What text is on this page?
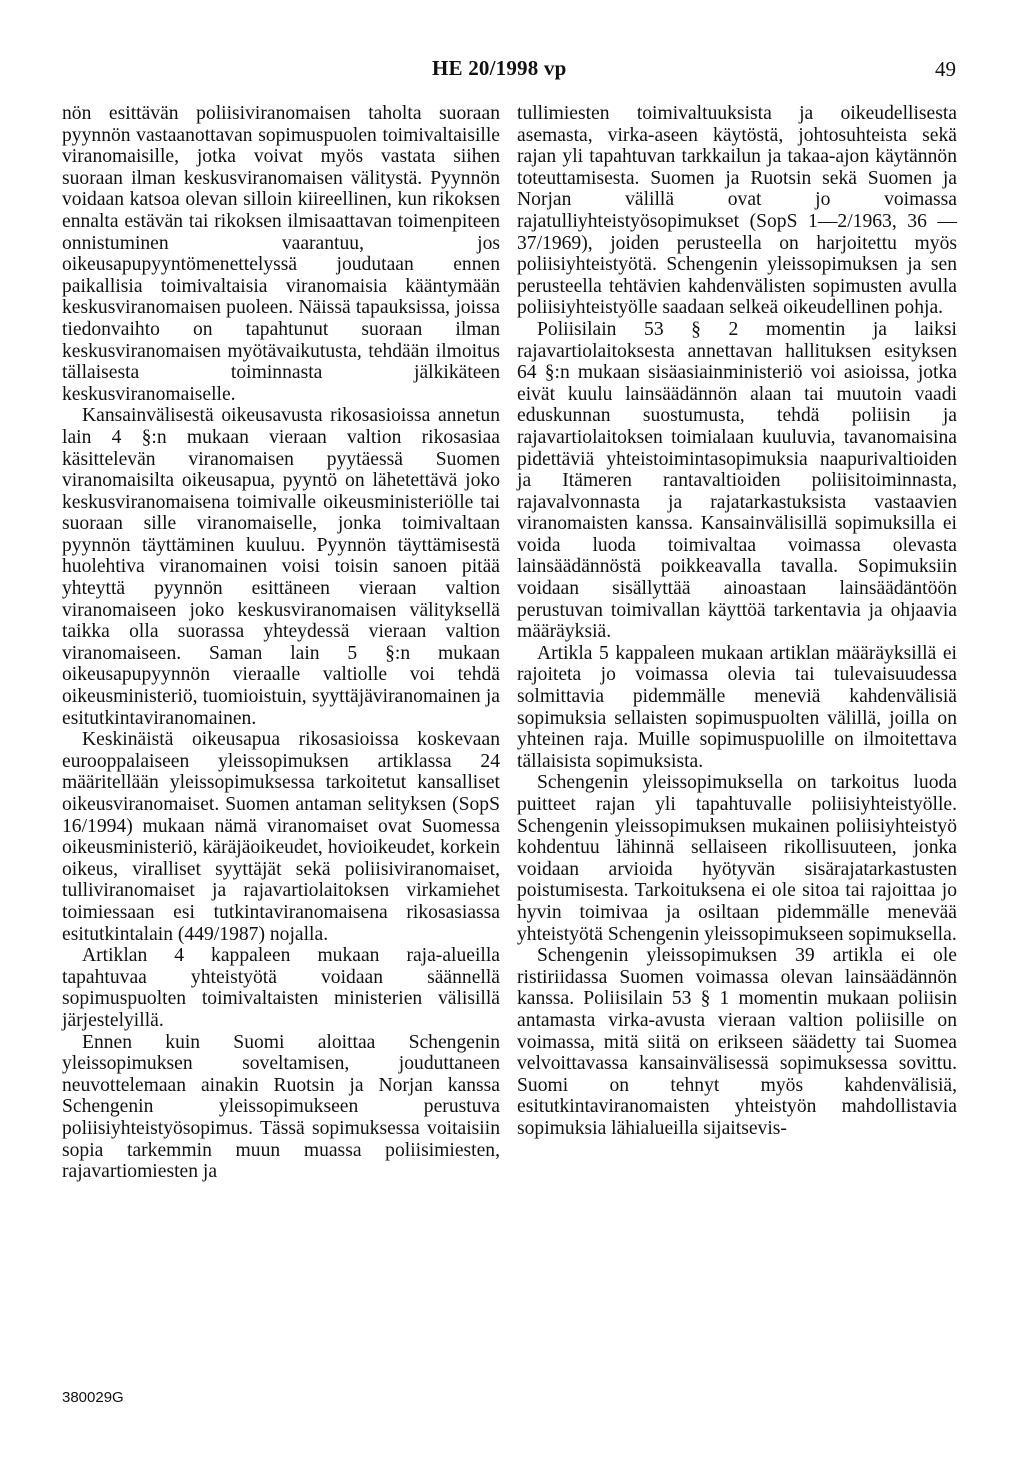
HE 20/1998 vp	49

nön esittävän poliisiviranomaisen taholta suoraan pyynnön vastaanottavan sopimuspuolen toimivaltaisille viranomaisille, jotka voivat myös vastata siihen suoraan ilman keskusviranomaisen välitystä. Pyynnön voidaan katsoa olevan silloin kiireellinen, kun rikoksen ennalta estävän tai rikoksen ilmisaattavan toimenpiteen onnistuminen vaarantuu, jos oikeusapupyyntömenettelyssä joudutaan ennen paikallisia toimivaltaisia viranomaisia kääntymään keskusviranomaisen puoleen. Näissä tapauksissa, joissa tiedonvaihto on tapahtunut suoraan ilman keskusviranomaisen myötävaikutusta, tehdään ilmoitus tällaisesta toiminnasta jälkikäteen keskusviranomaiselle.

Kansainvälisestä oikeusavusta rikosasioissa annetun lain 4 §:n mukaan vieraan valtion rikosasiaa käsittelevän viranomaisen pyytäessä Suomen viranomaisilta oikeusapua, pyyntö on lähetettävä joko keskusviranomaisena toimivalle oikeusministeriölle tai suoraan sille viranomaiselle, jonka toimivaltaan pyynnön täyttäminen kuuluu. Pyynnön täyttämisestä huolehtiva viranomainen voisi toisin sanoen pitää yhteyttä pyynnön esittäneen vieraan valtion viranomaiseen joko keskusviranomaisen välityksellä taikka olla suorassa yhteydessä vieraan valtion viranomaiseen. Saman lain 5 §:n mukaan oikeusapupyynnön vieraalle valtiolle voi tehdä oikeusministeriö, tuomioistuin, syyttäjäviranomainen ja esitutkintaviranomainen.

Keskinäistä oikeusapua rikosasioissa koskevaan eurooppalaiseen yleissopimuksen artiklassa 24 määritellään yleissopimuksessa tarkoitetut kansalliset oikeusviranomaiset. Suomen antaman selityksen (SopS 16/1994) mukaan nämä viranomaiset ovat Suomessa oikeusministeriö, käräjäoikeudet, hovioikeudet, korkein oikeus, viralliset syyttäjät sekä poliisiviranomaiset, tulliviranomaiset ja rajavartiolaitoksen virkamiehet toimiessaan esi tutkintaviranomaisena rikosasiassa esitutkintalain (449/1987) nojalla.

Artiklan 4 kappaleen mukaan raja-alueilla tapahtuvaa yhteistyötä voidaan säännellä sopimuspuolten toimivaltaisten ministerien välisillä järjestelyillä.

Ennen kuin Suomi aloittaa Schengenin yleissopimuksen soveltamisen, jouduttaneen neuvottelemaan ainakin Ruotsin ja Norjan kanssa Schengenin yleissopimukseen perustuva poliisiyhteistyösopimus. Tässä sopimuksessa voitaisiin sopia tarkemmin muun muassa poliisimiesten, rajavartiomiesten ja

tullimiesten toimivaltuuksista ja oikeudellisesta asemasta, virka-aseen käytöstä, johtosuhteista sekä rajan yli tapahtuvan tarkkailun ja takaa-ajon käytännön toteuttamisesta. Suomen ja Ruotsin sekä Suomen ja Norjan välillä ovat jo voimassa rajatulliyhteistyösopimukset (SopS 1—2/1963, 36 — 37/1969), joiden perusteella on harjoitettu myös poliisiyhteistyötä. Schengenin yleissopimuksen ja sen perusteella tehtävien kahdenvälisten sopimusten avulla poliisiyhteistyölle saadaan selkeä oikeudellinen pohja.

Poliisilain 53 § 2 momentin ja laiksi rajavartiolaitoksesta annettavan hallituksen esityksen 64 §:n mukaan sisäasiainministeriö voi asioissa, jotka eivät kuulu lainsäädännön alaan tai muutoin vaadi eduskunnan suostumusta, tehdä poliisin ja rajavartiolaitoksen toimialaan kuuluvia, tavanomaisina pidettäviä yhteistoimintasopimuksia naapurivaltioiden ja Itämeren rantavaltioiden poliisitoiminnasta, rajavalvonnasta ja rajatarkastuksista vastaavien viranomaisten kanssa. Kansainvälisillä sopimuksilla ei voida luoda toimivaltaa voimassa olevasta lainsäädännöstä poikkeavalla tavalla. Sopimuksiin voidaan sisällyttää ainoastaan lainsäädäntöön perustuvan toimivallan käyttöä tarkentavia ja ohjaavia määräyksiä.

Artikla 5 kappaleen mukaan artiklan määräyksillä ei rajoiteta jo voimassa olevia tai tulevaisuudessa solmittavia pidemmälle meneviä kahdenvälisiä sopimuksia sellaisten sopimuspuolten välillä, joilla on yhteinen raja. Muille sopimuspuolille on ilmoitettava tällaisista sopimuksista.

Schengenin yleissopimuksella on tarkoitus luoda puitteet rajan yli tapahtuvalle poliisiyhteistyölle. Schengenin yleissopimuksen mukainen poliisiyhteistyö kohdentuu lähinnä sellaiseen rikollisuuteen, jonka voidaan arvioida hyötyvän sisärajatarkastusten poistumisesta. Tarkoituksena ei ole sitoa tai rajoittaa jo hyvin toimivaa ja osiltaan pidemmälle menevää yhteistyötä Schengenin yleissopimukseen sopimuksella.

Schengenin yleissopimuksen 39 artikla ei ole ristiriidassa Suomen voimassa olevan lainsäädännön kanssa. Poliisilain 53 § 1 momentin mukaan poliisin antamasta virka-avusta vieraan valtion poliisille on voimassa, mitä siitä on erikseen säädetty tai Suomea velvoittavassa kansainvälisessä sopimuksessa sovittu. Suomi on tehnyt myös kahdenvälisiä, esitutkintaviranomaisten yhteistyön mahdollistavia sopimuksia lähialueilla sijaitsevis-

380029G
